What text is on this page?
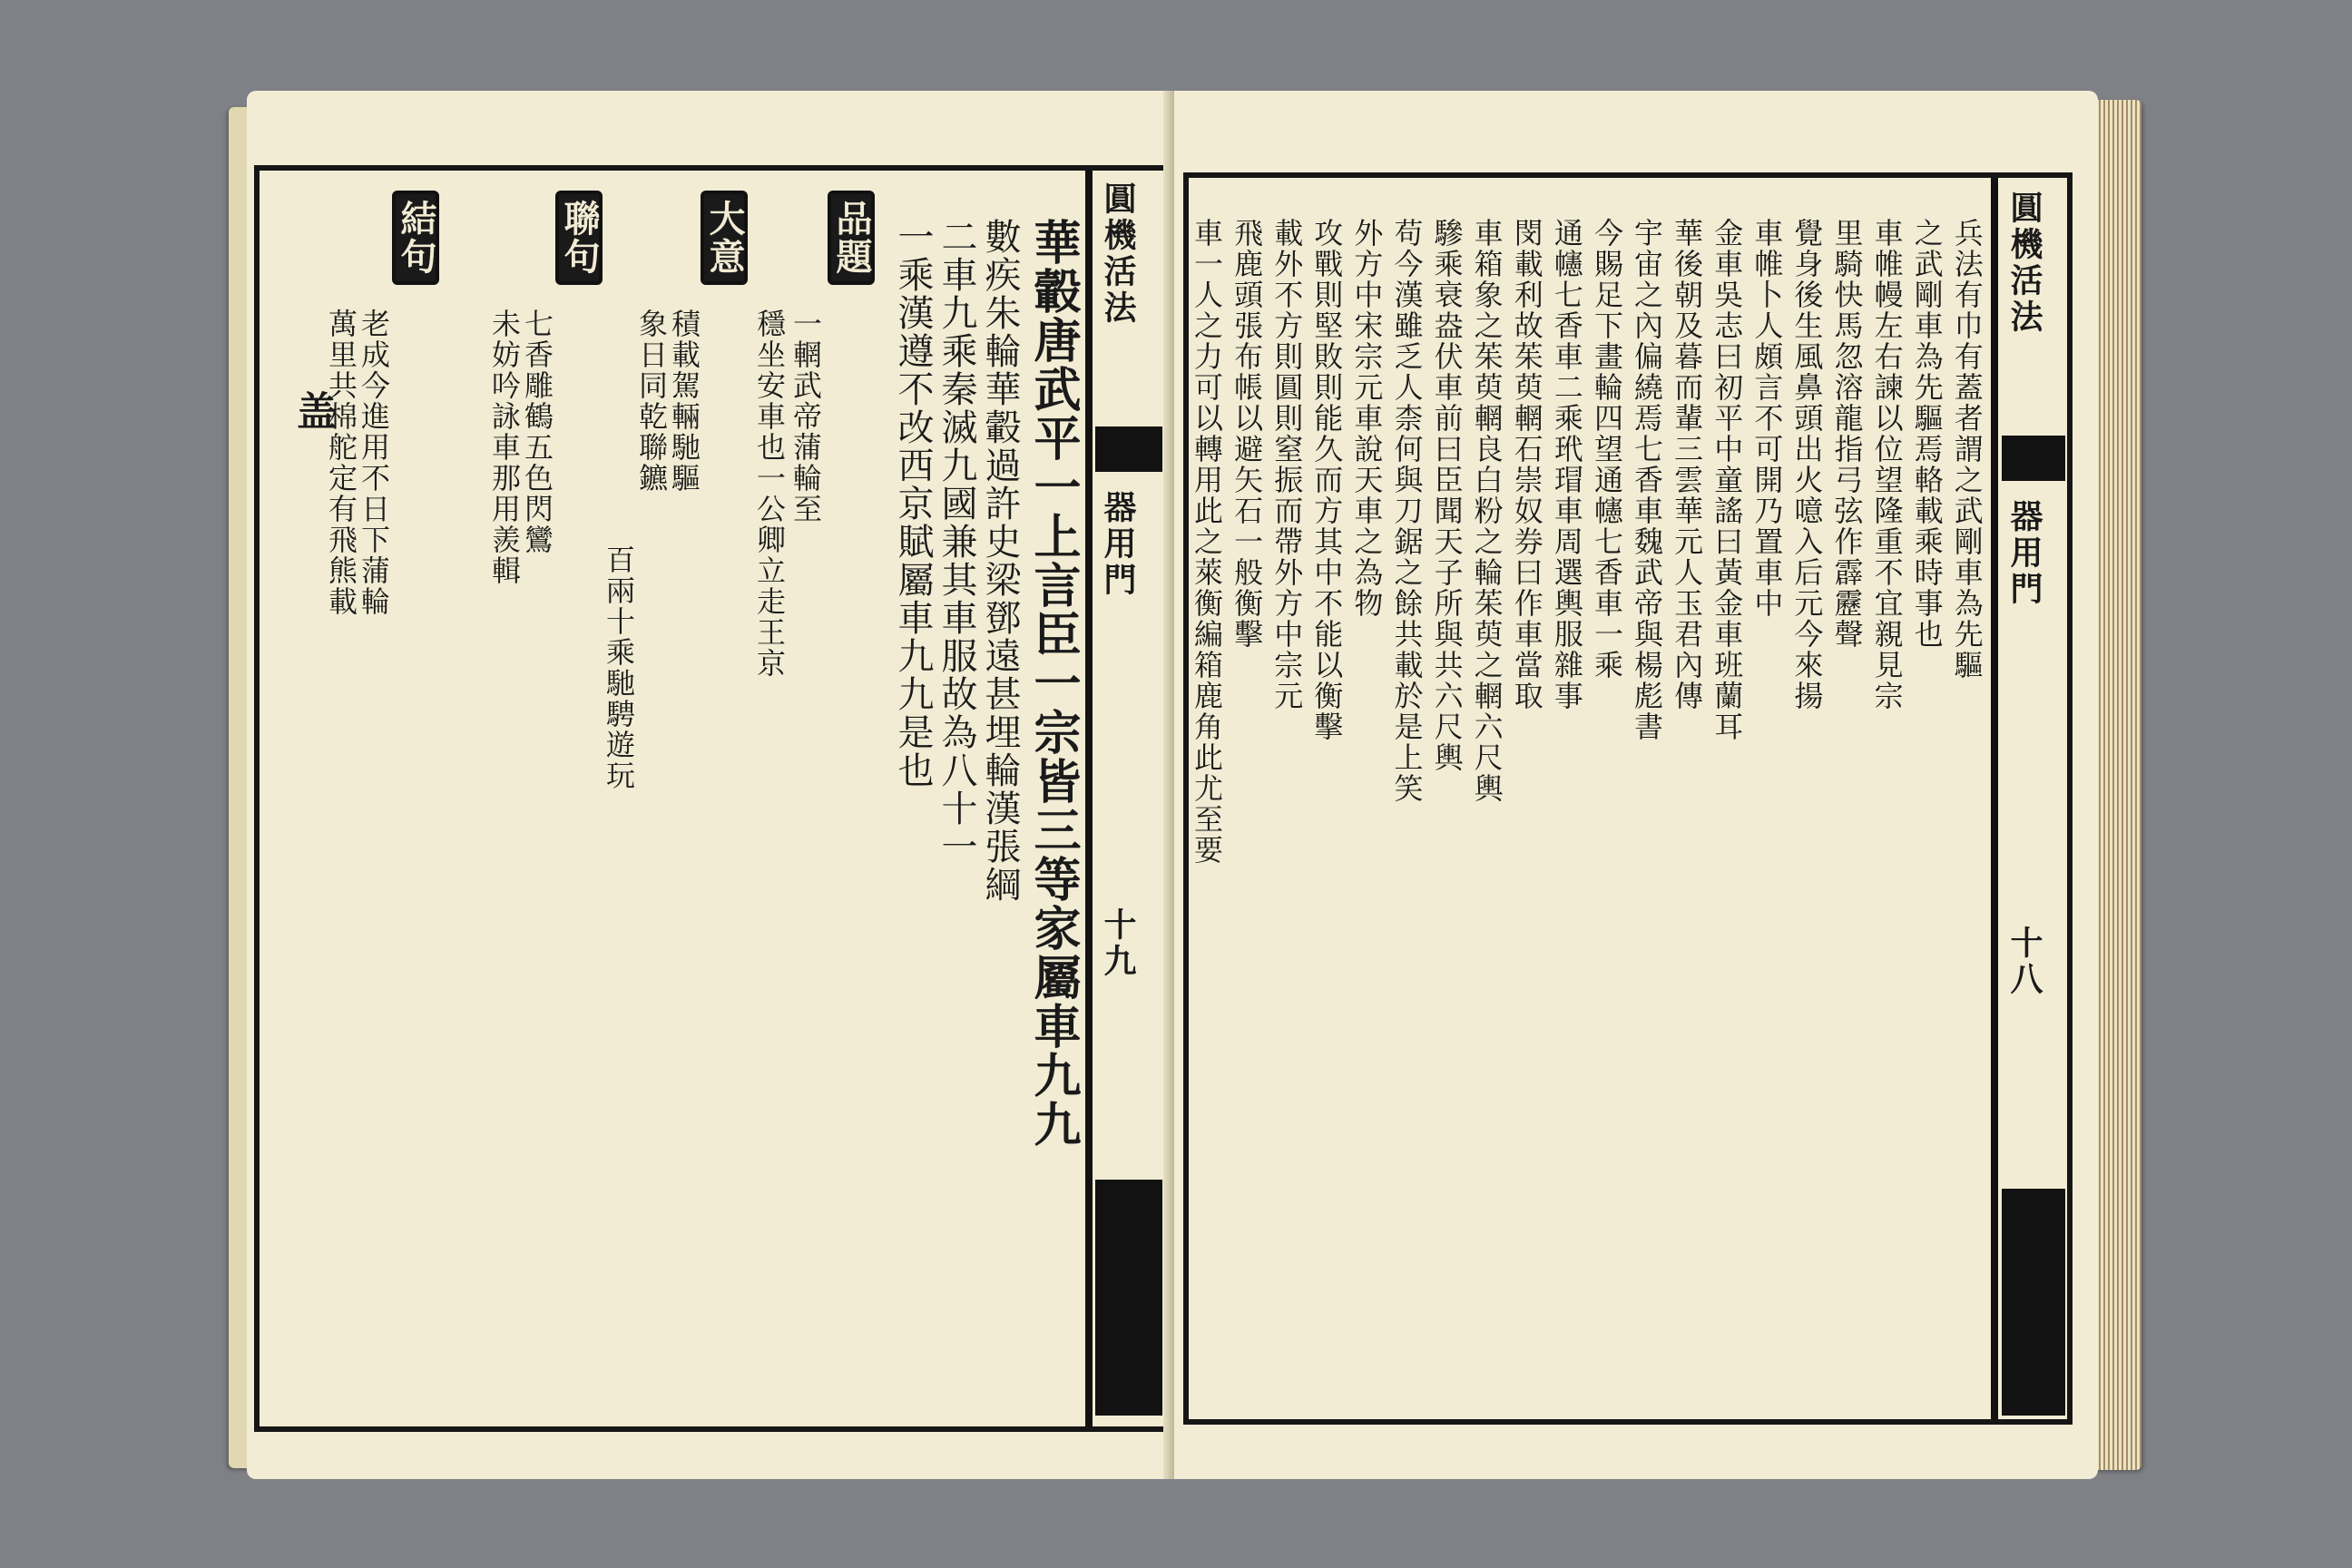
圓機活法
器用門
十九
華轂唐武平一上言臣一宗皆三等家屬車九九
數疾朱輪華轂過許史梁鄧遠甚埋輪漢張綱
二車九乘秦滅九國兼其車服故為八十一
一乘漢遵不改西京賦屬車九九是也
品題
一輞武帝蒲輪至
穩坐安車也一公卿立走王京
大意
積載駕輛馳驅
象日同乾聯鑣
百兩十乘馳騁遊玩
聯句
七香雕鶴五色閃鸞
未妨吟詠車那用羨輯
結句
老成今進用不日下蒲輪
萬里共棉舵定有飛熊載
盖
圓機活法
器用門
十八
兵法有巾有蓋者謂之武剛車為先驅
之武剛車為先驅焉輅載乘時事也
車帷幔左右諫以位望隆重不宜親見宗
里騎快馬忽溶龍指弓弦作霹靂聲
覺身後生風鼻頭出火噫入后元今來揚
車帷卜人頗言不可開乃置車中
金車吳志曰初平中童謠曰黃金車班蘭耳
華後朝及暮而輩三雲華元人玉君內傳
宇宙之內偏繞焉七香車魏武帝與楊彪書
今賜足下畫輪四望通幰七香車一乘
通幰七香車二乘玳瑁車周選輿服雜事
閔載利故茱萸輞石崇奴券曰作車當取
車箱象之茱萸輞良白粉之輪茱萸之輞六尺輿
驂乘衰盎伏車前曰臣聞天子所與共六尺輿
苟今漢雖乏人柰何與刀鋸之餘共載於是上笑
外方中宋宗元車說天車之為物
攻戰則堅敗則能久而方其中不能以衡擊
載外不方則圓則窒振而帶外方中宗元
飛鹿頭張布帳以避矢石一般衡擊
車一人之力可以轉用此之萊衡編箱鹿角此尤至要
